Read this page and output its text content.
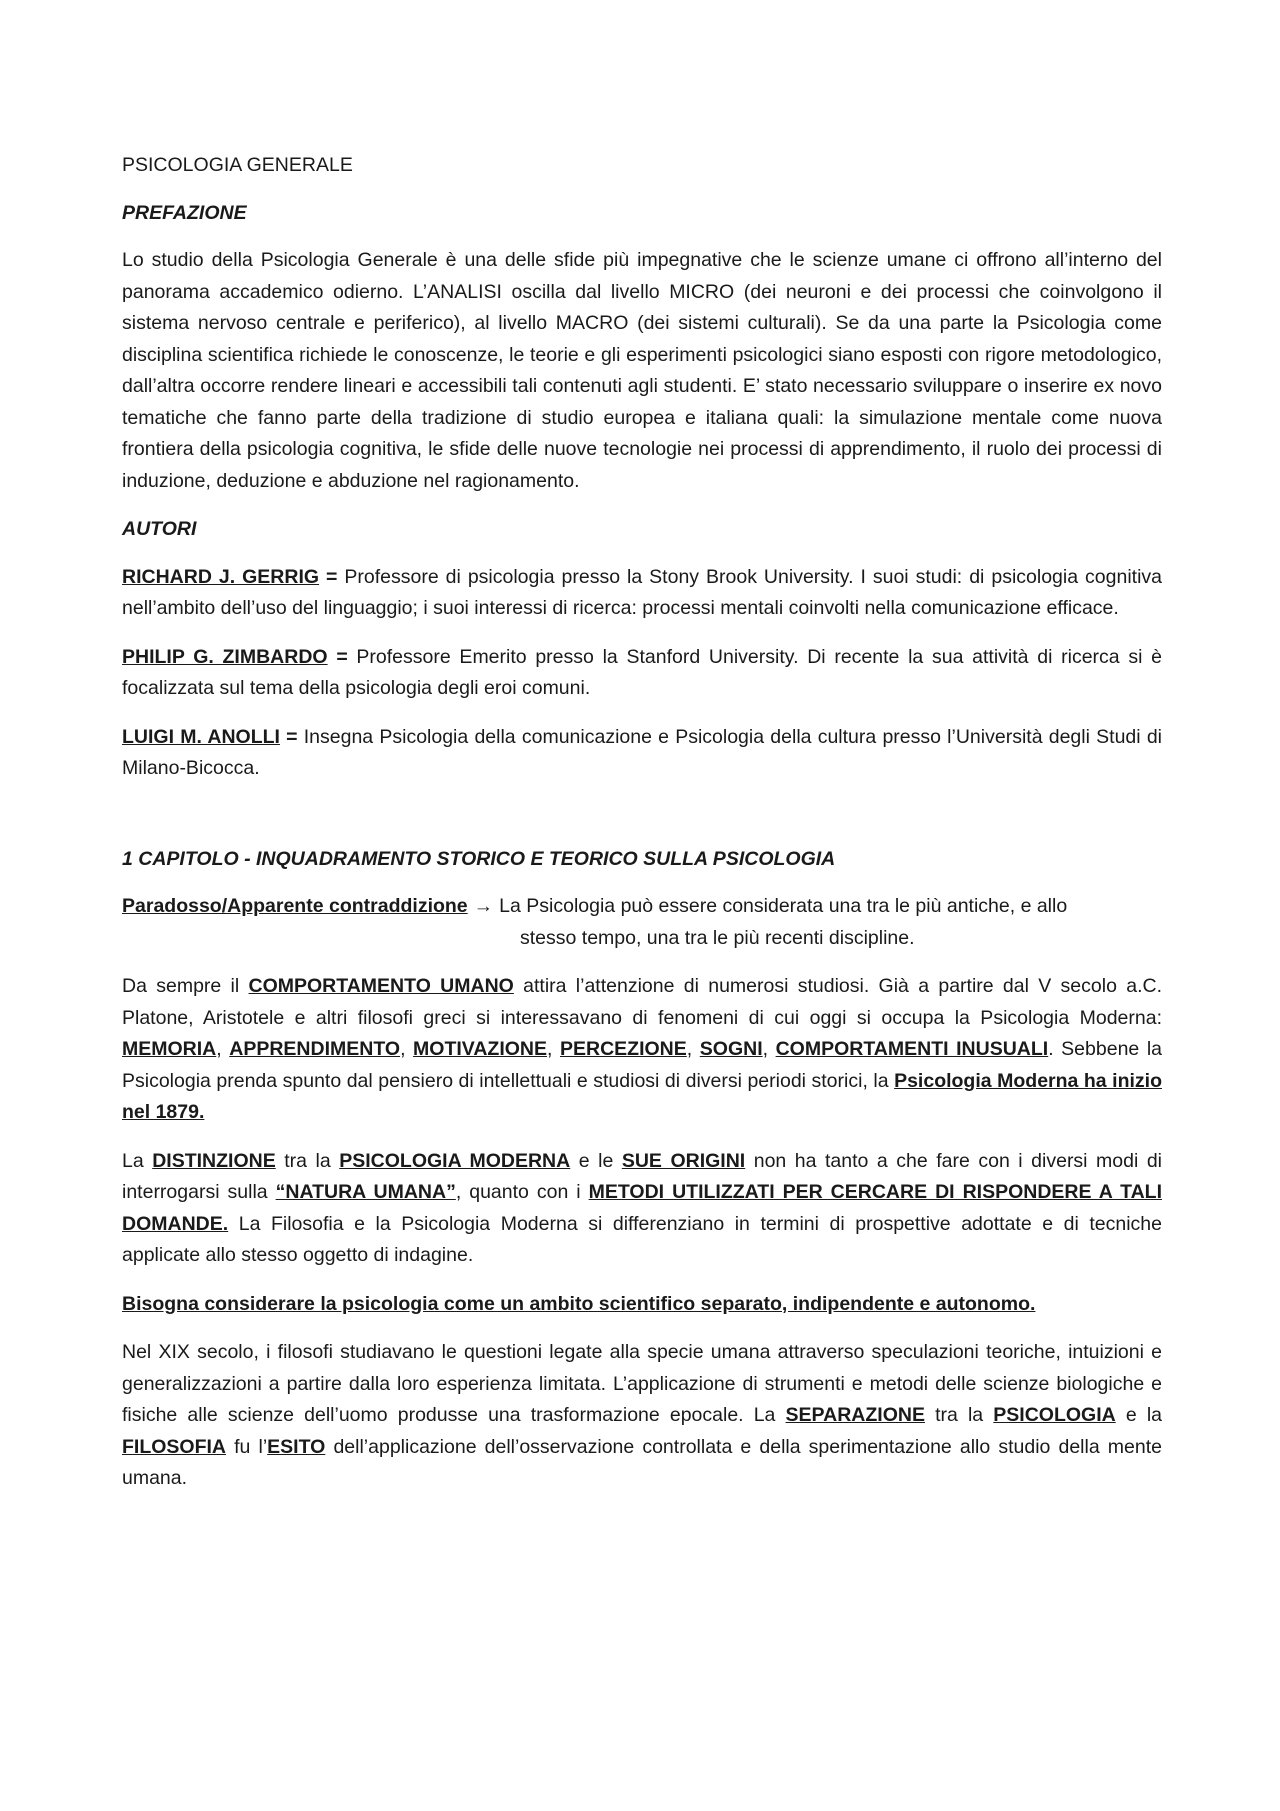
PSICOLOGIA GENERALE

PREFAZIONE

Lo studio della Psicologia Generale è una delle sfide più impegnative che le scienze umane ci offrono all’interno del panorama accademico odierno. L’ANALISI oscilla dal livello MICRO (dei neuroni e dei processi che coinvolgono il sistema nervoso centrale e periferico), al livello MACRO (dei sistemi culturali). Se da una parte la Psicologia come disciplina scientifica richiede le conoscenze, le teorie e gli esperimenti psicologici siano esposti con rigore metodologico, dall’altra occorre rendere lineari e accessibili tali contenuti agli studenti. E’ stato necessario sviluppare o inserire ex novo tematiche che fanno parte della tradizione di studio europea e italiana quali: la simulazione mentale come nuova frontiera della psicologia cognitiva, le sfide delle nuove tecnologie nei processi di apprendimento, il ruolo dei processi di induzione, deduzione e abduzione nel ragionamento.

AUTORI

RICHARD J. GERRIG = Professore di psicologia presso la Stony Brook University. I suoi studi: di psicologia cognitiva nell’ambito dell’uso del linguaggio; i suoi interessi di ricerca: processi mentali coinvolti nella comunicazione efficace.

PHILIP G. ZIMBARDO = Professore Emerito presso la Stanford University. Di recente la sua attività di ricerca si è focalizzata sul tema della psicologia degli eroi comuni.

LUIGI M. ANOLLI = Insegna Psicologia della comunicazione e Psicologia della cultura presso l’Università degli Studi di Milano-Bicocca.

1 CAPITOLO - INQUADRAMENTO STORICO E TEORICO SULLA PSICOLOGIA

Paradosso/Apparente contraddizione → La Psicologia può essere considerata una tra le più antiche, e allo

stesso tempo, una tra le più recenti discipline.

Da sempre il COMPORTAMENTO UMANO attira l’attenzione di numerosi studiosi. Già a partire dal V secolo a.C. Platone, Aristotele e altri filosofi greci si interessavano di fenomeni di cui oggi si occupa la Psicologia Moderna: MEMORIA, APPRENDIMENTO, MOTIVAZIONE, PERCEZIONE, SOGNI, COMPORTAMENTI INUSUALI. Sebbene la Psicologia prenda spunto dal pensiero di intellettuali e studiosi di diversi periodi storici, la Psicologia Moderna ha inizio nel 1879.

La DISTINZIONE tra la PSICOLOGIA MODERNA e le SUE ORIGINI non ha tanto a che fare con i diversi modi di interrogarsi sulla “NATURA UMANA”, quanto con i METODI UTILIZZATI PER CERCARE DI RISPONDERE A TALI DOMANDE. La Filosofia e la Psicologia Moderna si differenziano in termini di prospettive adottate e di tecniche applicate allo stesso oggetto di indagine.

Bisogna considerare la psicologia come un ambito scientifico separato, indipendente e autonomo.

Nel XIX secolo, i filosofi studiavano le questioni legate alla specie umana attraverso speculazioni teoriche, intuizioni e generalizzazioni a partire dalla loro esperienza limitata. L’applicazione di strumenti e metodi delle scienze biologiche e fisiche alle scienze dell’uomo produsse una trasformazione epocale. La SEPARAZIONE tra la PSICOLOGIA e la FILOSOFIA fu l’ESITO dell’applicazione dell’osservazione controllata e della sperimentazione allo studio della mente umana.
